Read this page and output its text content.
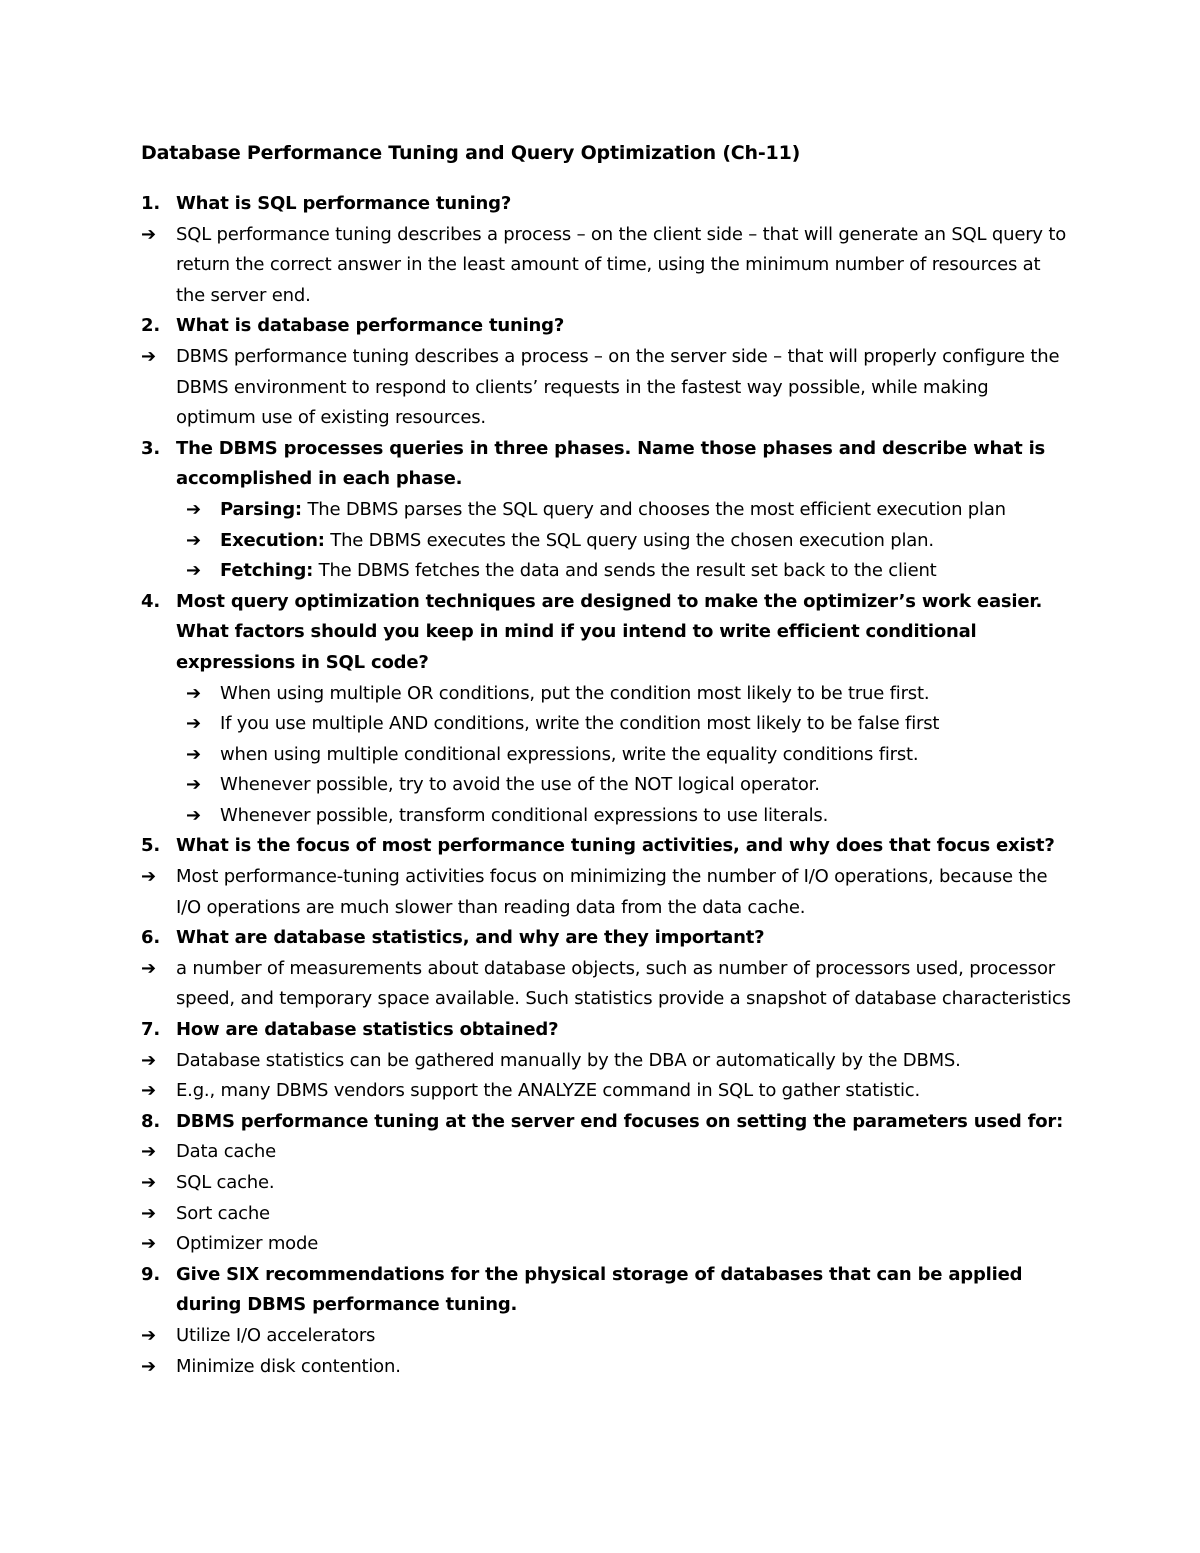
Database Performance Tuning and Query Optimization (Ch-11)
1. What is SQL performance tuning?
➔ SQL performance tuning describes a process – on the client side – that will generate an SQL query to return the correct answer in the least amount of time, using the minimum number of resources at the server end.
2. What is database performance tuning?
➔ DBMS performance tuning describes a process – on the server side – that will properly configure the DBMS environment to respond to clients’ requests in the fastest way possible, while making optimum use of existing resources.
3. The DBMS processes queries in three phases. Name those phases and describe what is accomplished in each phase.
➔ Parsing: The DBMS parses the SQL query and chooses the most efficient execution plan
➔ Execution: The DBMS executes the SQL query using the chosen execution plan.
➔ Fetching: The DBMS fetches the data and sends the result set back to the client
4. Most query optimization techniques are designed to make the optimizer’s work easier. What factors should you keep in mind if you intend to write efficient conditional expressions in SQL code?
➔ When using multiple OR conditions, put the condition most likely to be true first.
➔ If you use multiple AND conditions, write the condition most likely to be false first
➔ when using multiple conditional expressions, write the equality conditions first.
➔ Whenever possible, try to avoid the use of the NOT logical operator.
➔ Whenever possible, transform conditional expressions to use literals.
5. What is the focus of most performance tuning activities, and why does that focus exist?
➔ Most performance-tuning activities focus on minimizing the number of I/O operations, because the I/O operations are much slower than reading data from the data cache.
6. What are database statistics, and why are they important?
➔ a number of measurements about database objects, such as number of processors used, processor speed, and temporary space available. Such statistics provide a snapshot of database characteristics
7. How are database statistics obtained?
➔ Database statistics can be gathered manually by the DBA or automatically by the DBMS.
➔ E.g., many DBMS vendors support the ANALYZE command in SQL to gather statistic.
8. DBMS performance tuning at the server end focuses on setting the parameters used for:
➔ Data cache
➔ SQL cache.
➔ Sort cache
➔ Optimizer mode
9. Give SIX recommendations for the physical storage of databases that can be applied during DBMS performance tuning.
➔ Utilize I/O accelerators
➔ Minimize disk contention.
